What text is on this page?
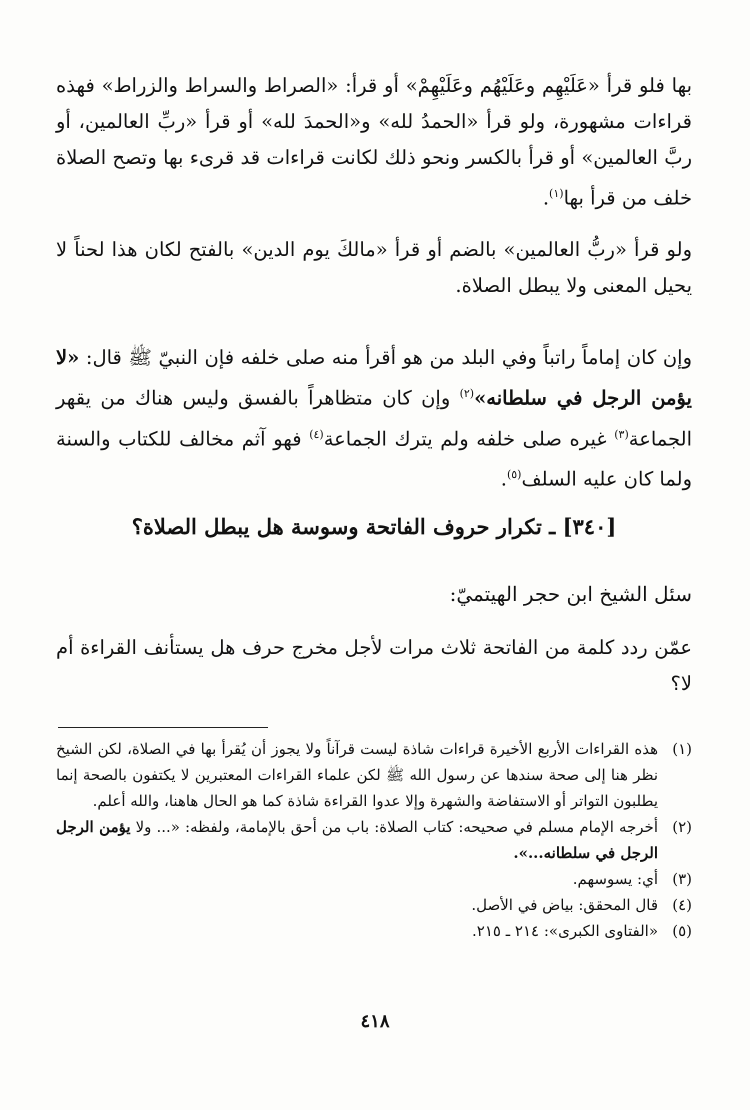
بها فلو قرأ «عَلَيْهِم وعَلَيْهُم وعَلَيْهِمْ» أو قرأ: «الصراط والسراط والزراط» فهذه قراءات مشهورة، ولو قرأ «الحمدُ لله» و«الحمدَ لله» أو قرأ «ربِّ العالمين، أو ربَّ العالمين» أو قرأ بالكسر ونحو ذلك لكانت قراءات قد قرىء بها وتصح الصلاة خلف من قرأ بها$^{(١)}$.

ولو قرأ «ربُّ العالمين» بالضم أو قرأ «مالكَ يوم الدين» بالفتح لكان هذا لحناً لا يحيل المعنى ولا يبطل الصلاة.

وإن كان إماماً راتباً وفي البلد من هو أقرأ منه صلى خلفه فإن النبيّ ﷺ قال: «لا يؤمن الرجل في سلطانه»$^{(٢)}$ وإن كان متظاهراً بالفسق وليس هناك من يقهر الجماعة$^{(٣)}$ غيره صلى خلفه ولم يترك الجماعة$^{(٤)}$ فهو آثم مخالف للكتاب والسنة ولما كان عليه السلف$^{(٥)}$.

[٣٤٠] ـ تكرار حروف الفاتحة وسوسة هل يبطل الصلاة؟
سئل الشيخ ابن حجر الهيتميّ:

عمّن ردد كلمة من الفاتحة ثلاث مرات لأجل مخرج حرف هل يستأنف القراءة أم لا؟

(١)
هذه القراءات الأربع الأخيرة قراءات شاذة ليست قرآناً ولا يجوز أن يُقرأ بها في الصلاة، لكن الشيخ نظر هنا إلى صحة سندها عن رسول الله ﷺ لكن علماء القراءات المعتبرين لا يكتفون بالصحة إنما يطلبون التواتر أو الاستفاضة والشهرة وإلا عدوا القراءة شاذة كما هو الحال هاهنا، والله أعلم.
(٢)
أخرجه الإمام مسلم في صحيحه: كتاب الصلاة: باب من أحق بالإمامة، ولفظه: «... ولا يؤمن الرجل الرجل في سلطانه...».
(٣)
أي: يسوسهم.
(٤)
قال المحقق: بياض في الأصل.
(٥)
«الفتاوى الكبرى»: ٢١٤ ـ ٢١٥.
٤١٨
